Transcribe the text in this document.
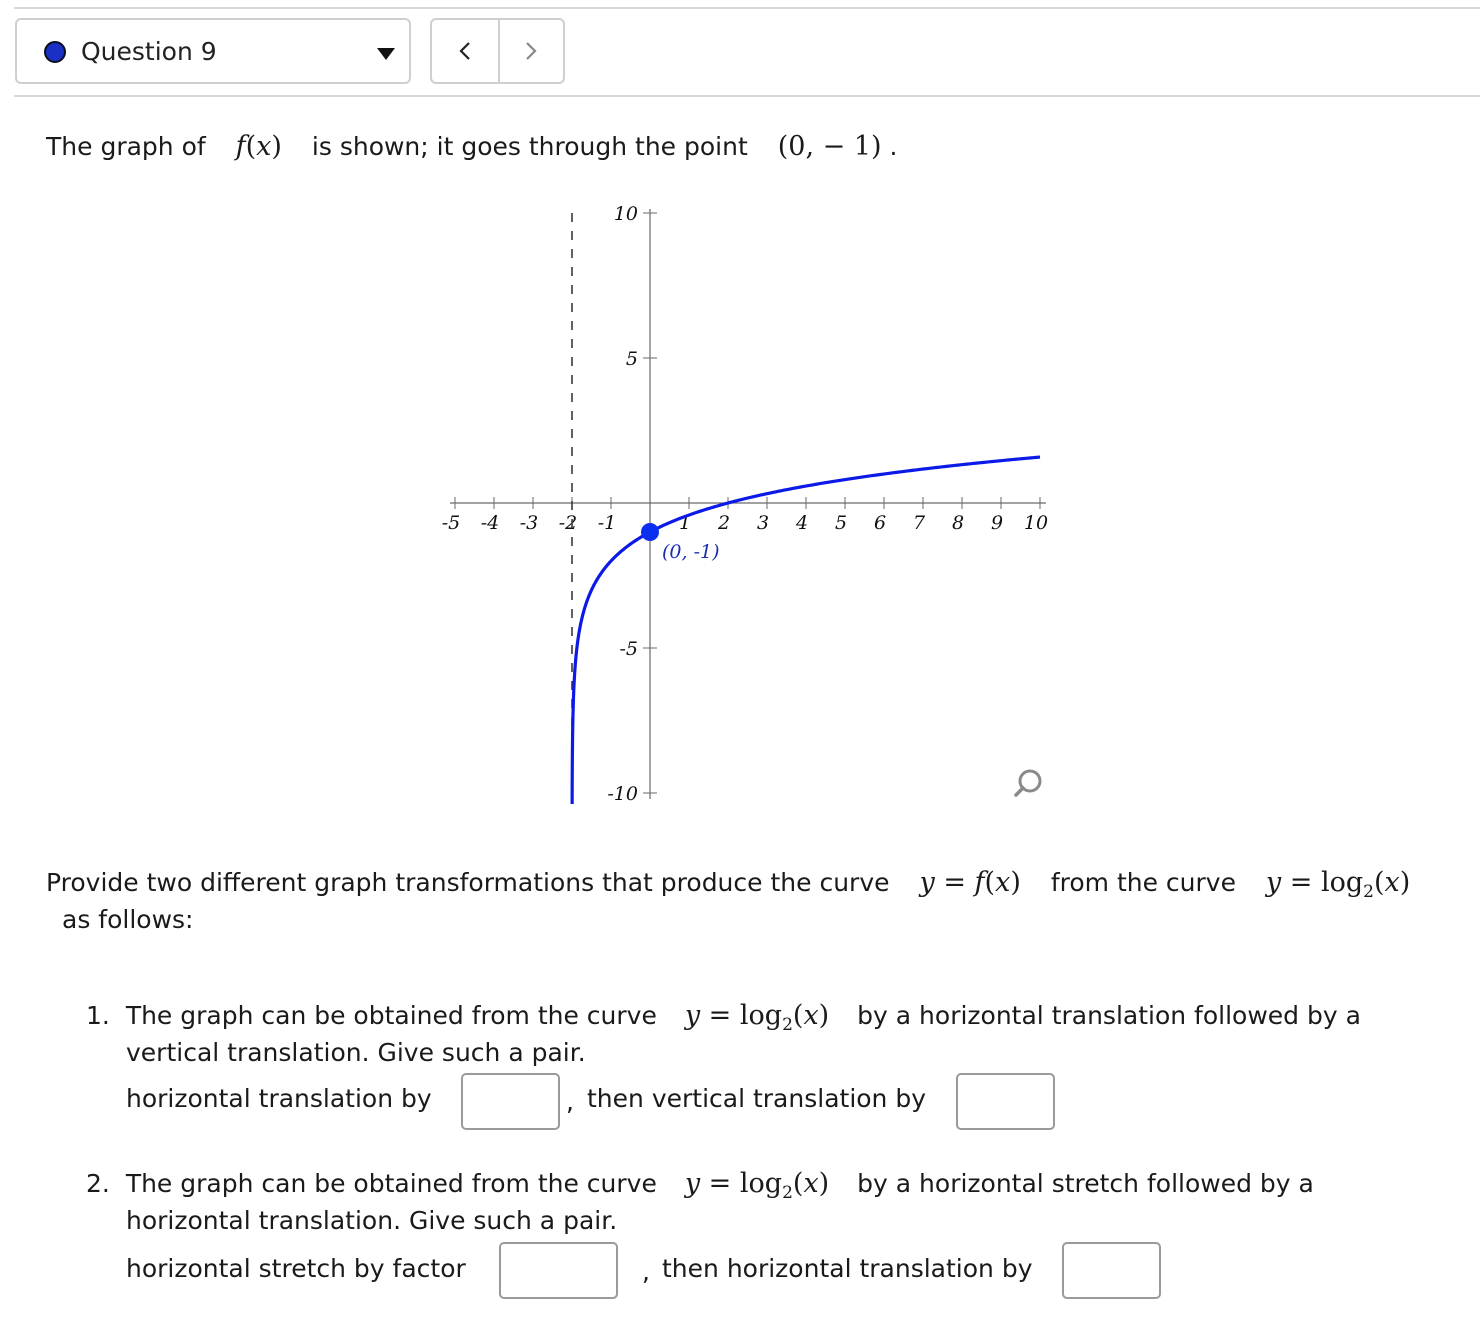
Question 9
The graph of f(x) is shown; it goes through the point (0, − 1) .
-5 -4 -3 -2 -1	1 2 3 4 5 6 7 8 9 10
10
5
-5
-10
(0, -1)
Provide two different graph transformations that produce the curve y = f(x) from the curve $y = \log_2(x)$
as follows:
1. The graph can be obtained from the curve $y = \log_2(x)$ by a horizontal translation followed by a
vertical translation. Give such a pair.
horizontal translation by	, then vertical translation by
2. The graph can be obtained from the curve $y = \log_2(x)$ by a horizontal stretch followed by a
horizontal translation. Give such a pair.
horizontal stretch by factor	, then horizontal translation by
